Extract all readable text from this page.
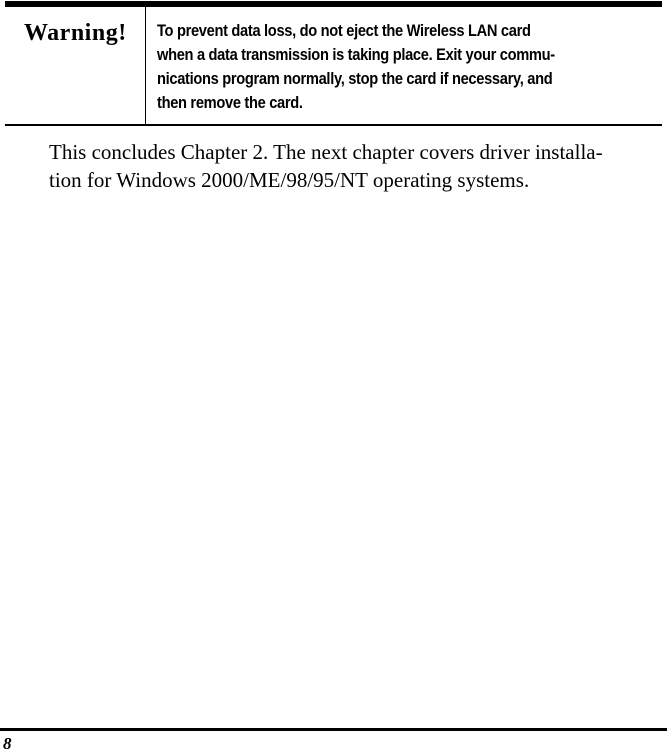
Warning! To prevent data loss, do not eject the Wireless LAN card
when a data transmission is taking place. Exit your commu-
nications program normally, stop the card if necessary, and
then remove the card.
This concludes Chapter 2. The next chapter covers driver installa-
tion for Windows 2000/ME/98/95/NT operating systems.
8
